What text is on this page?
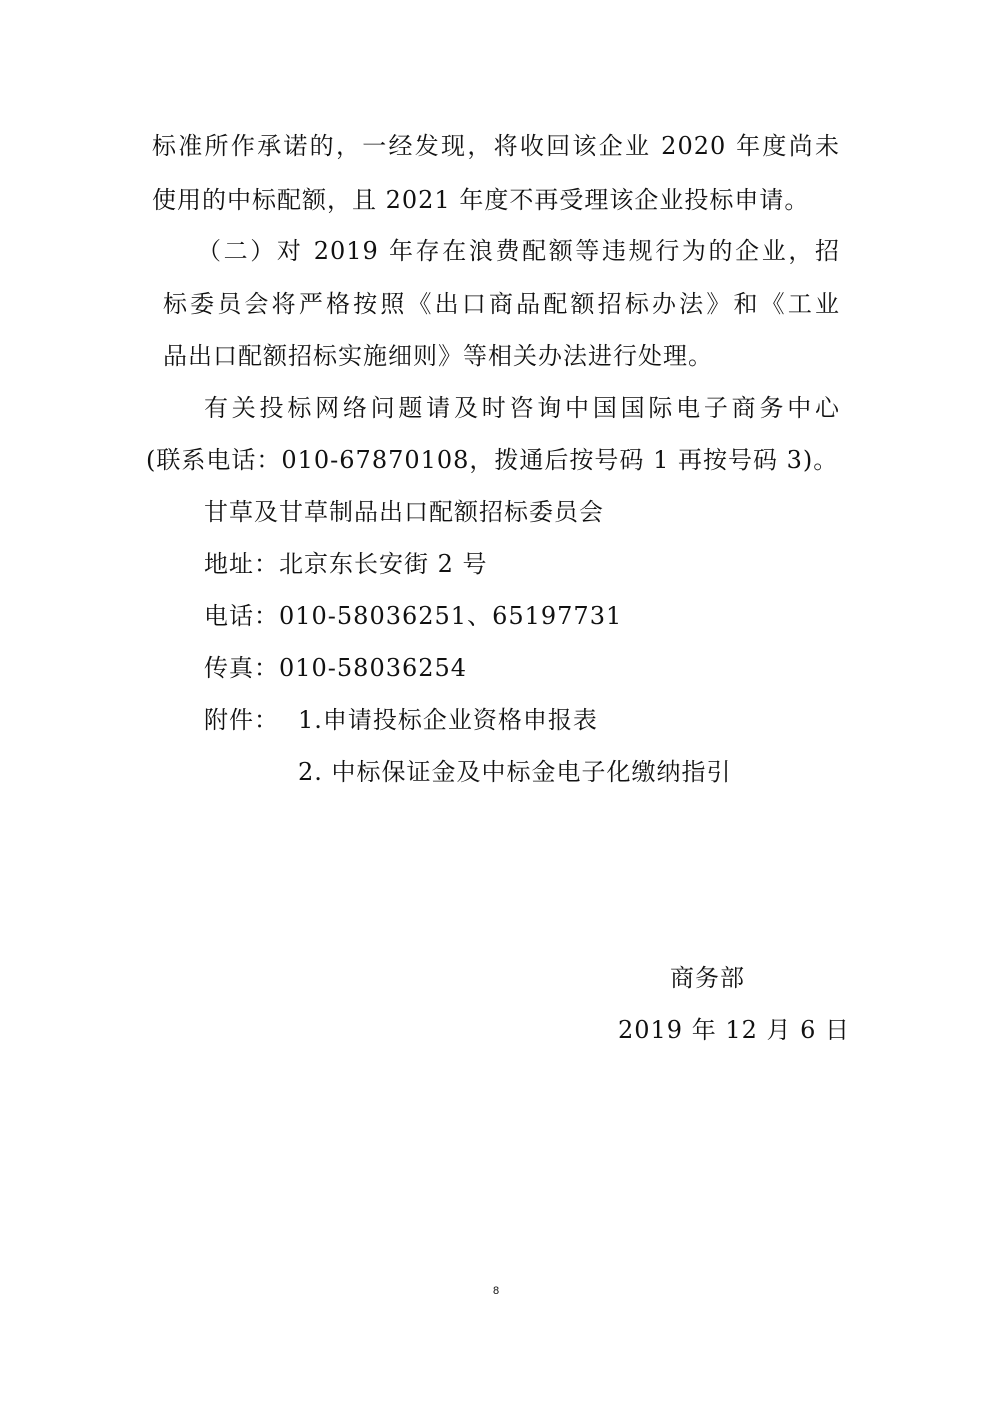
标准所作承诺的，一经发现，将收回该企业 2020 年度尚未
使用的中标配额，且 2021 年度不再受理该企业投标申请。
（二）对 2019 年存在浪费配额等违规行为的企业，招
标委员会将严格按照《出口商品配额招标办法》和《工业
品出口配额招标实施细则》等相关办法进行处理。
有关投标网络问题请及时咨询中国国际电子商务中心
(联系电话：010-67870108，拨通后按号码 1 再按号码 3)。
甘草及甘草制品出口配额招标委员会
地址：北京东长安街 2 号
电话：010-58036251、65197731
传真：010-58036254
附件： 1.申请投标企业资格申报表
2. 中标保证金及中标金电子化缴纳指引
商务部
2019 年 12 月 6 日
8
